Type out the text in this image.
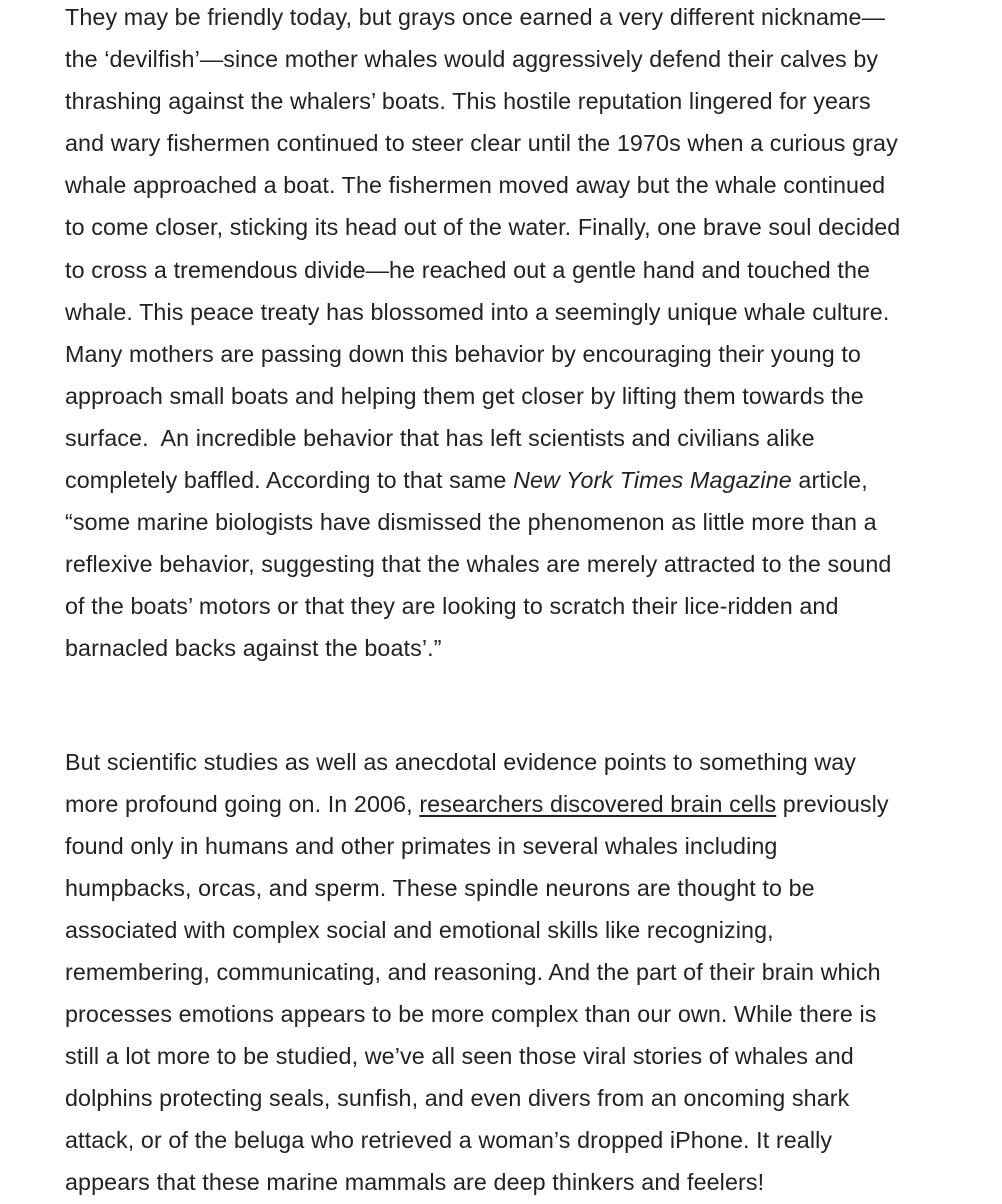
They may be friendly today, but grays once earned a very different nickname—
the ‘devilfish’—since mother whales would aggressively defend their calves by
thrashing against the whalers’ boats. This hostile reputation lingered for years
and wary fishermen continued to steer clear until the 1970s when a curious gray
whale approached a boat. The fishermen moved away but the whale continued
to come closer, sticking its head out of the water. Finally, one brave soul decided
to cross a tremendous divide—he reached out a gentle hand and touched the
whale. This peace treaty has blossomed into a seemingly unique whale culture.
Many mothers are passing down this behavior by encouraging their young to
approach small boats and helping them get closer by lifting them towards the
surface.  An incredible behavior that has left scientists and civilians alike
completely baffled. According to that same New York Times Magazine article,
“some marine biologists have dismissed the phenomenon as little more than a
reflexive behavior, suggesting that the whales are merely attracted to the sound
of the boats’ motors or that they are looking to scratch their lice-ridden and
barnacled backs against the boats’.”

But scientific studies as well as anecdotal evidence points to something way
more profound going on. In 2006, researchers discovered brain cells previously
found only in humans and other primates in several whales including
humpbacks, orcas, and sperm. These spindle neurons are thought to be
associated with complex social and emotional skills like recognizing,
remembering, communicating, and reasoning. And the part of their brain which
processes emotions appears to be more complex than our own. While there is
still a lot more to be studied, we’ve all seen those viral stories of whales and
dolphins protecting seals, sunfish, and even divers from an oncoming shark
attack, or of the beluga who retrieved a woman’s dropped iPhone. It really
appears that these marine mammals are deep thinkers and feelers!
